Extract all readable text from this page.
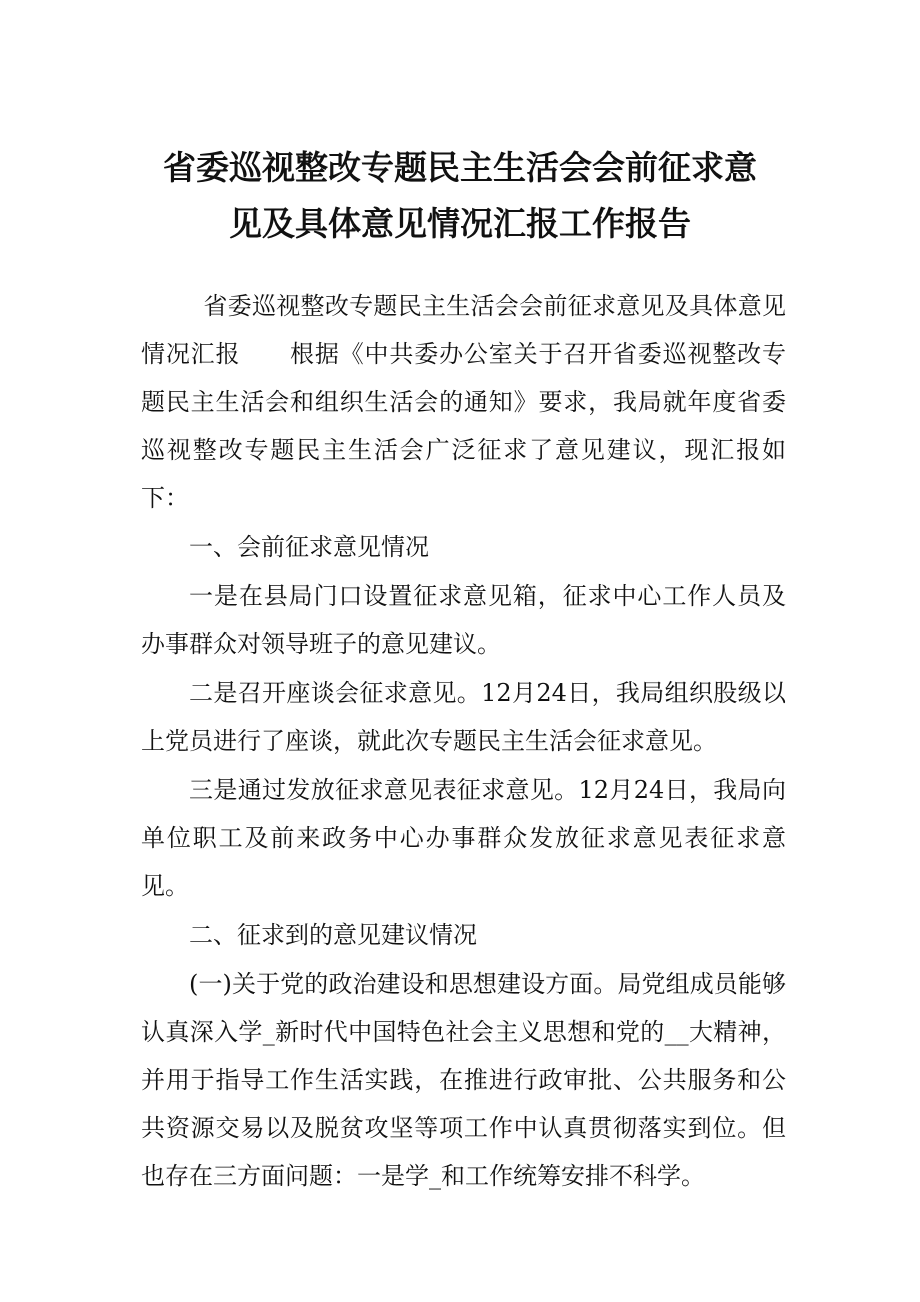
省委巡视整改专题民主生活会会前征求意
见及具体意见情况汇报工作报告

省委巡视整改专题民主生活会会前征求意见及具体意见情况汇报　　根据《中共委办公室关于召开省委巡视整改专题民主生活会和组织生活会的通知》要求，我局就年度省委巡视整改专题民主生活会广泛征求了意见建议，现汇报如下：

一、会前征求意见情况

一是在县局门口设置征求意见箱，征求中心工作人员及办事群众对领导班子的意见建议。

二是召开座谈会征求意见。12月24日，我局组织股级以上党员进行了座谈，就此次专题民主生活会征求意见。

三是通过发放征求意见表征求意见。12月24日，我局向单位职工及前来政务中心办事群众发放征求意见表征求意见。

二、征求到的意见建议情况

(一)关于党的政治建设和思想建设方面。局党组成员能够认真深入学_新时代中国特色社会主义思想和党的__大精神，并用于指导工作生活实践，在推进行政审批、公共服务和公共资源交易以及脱贫攻坚等项工作中认真贯彻落实到位。但也存在三方面问题：一是学_和工作统筹安排不科学。
